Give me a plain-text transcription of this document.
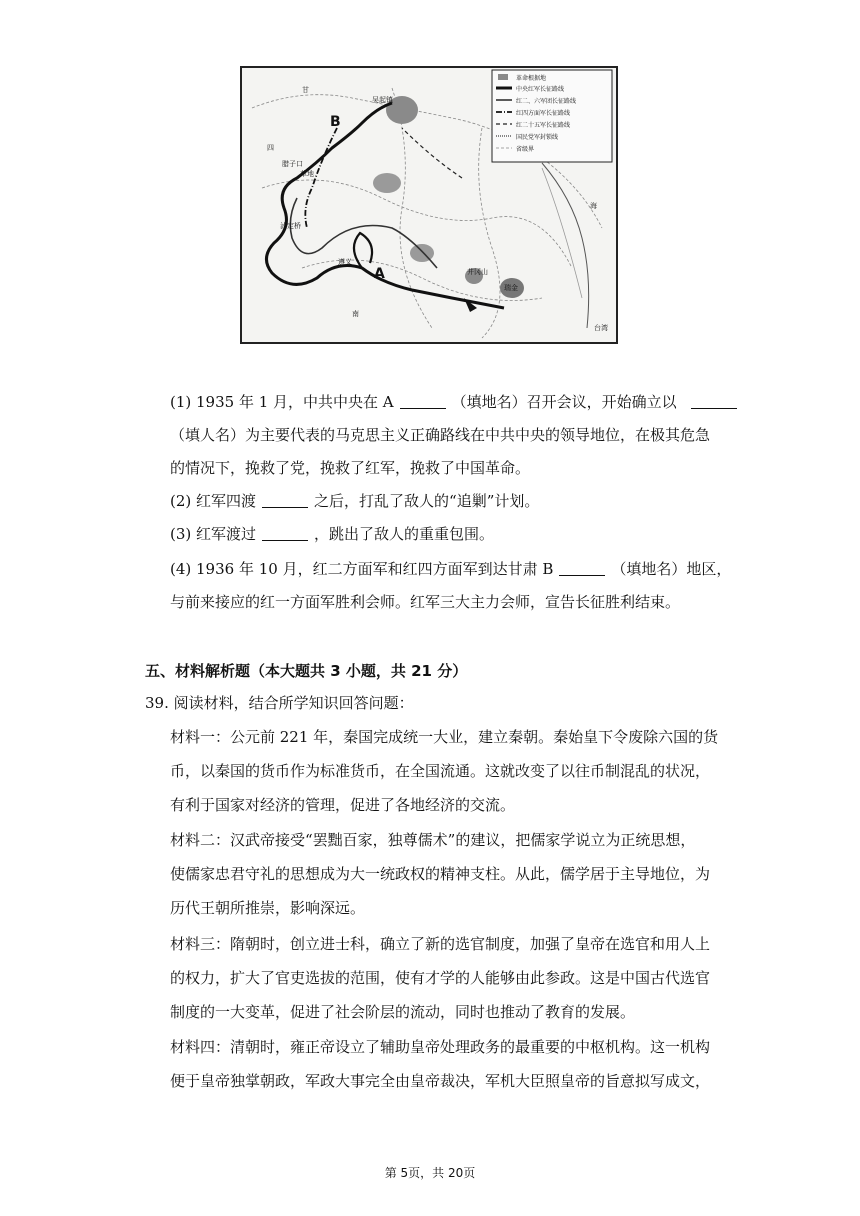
革命根据地
中央红军长征路线
红二、六军团长征路线
红四方面军长征路线
红二十五军长征路线
国民党军封锁线
省级界
吴起镇
腊子口
草地
泸定桥
遵义
井冈山
瑞金
甘
四
南
海
台湾
B
A
(1) 1935 年 1 月，中共中央在 A	（填地名）召开会议，开始确立以
（填人名）为主要代表的马克思主义正确路线在中共中央的领导地位，在极其危急
的情况下，挽救了党，挽救了红军，挽救了中国革命。
(2) 红军四渡	之后，打乱了敌人的“追剿”计划。
(3) 红军渡过	，跳出了敌人的重重包围。
(4) 1936 年 10 月，红二方面军和红四方面军到达甘肃 B	（填地名）地区，
与前来接应的红一方面军胜利会师。红军三大主力会师，宣告长征胜利结束。
五、材料解析题（本大题共 3 小题，共 21 分）
39. 阅读材料，结合所学知识回答问题：
材料一：公元前 221 年，秦国完成统一大业，建立秦朝。秦始皇下令废除六国的货
币，以秦国的货币作为标准货币，在全国流通。这就改变了以往币制混乱的状况，
有利于国家对经济的管理，促进了各地经济的交流。
材料二：汉武帝接受“罢黜百家，独尊儒术”的建议，把儒家学说立为正统思想，
使儒家忠君守礼的思想成为大一统政权的精神支柱。从此，儒学居于主导地位，为
历代王朝所推崇，影响深远。
材料三：隋朝时，创立进士科，确立了新的选官制度，加强了皇帝在选官和用人上
的权力，扩大了官吏选拔的范围，使有才学的人能够由此参政。这是中国古代选官
制度的一大变革，促进了社会阶层的流动，同时也推动了教育的发展。
材料四：清朝时，雍正帝设立了辅助皇帝处理政务的最重要的中枢机构。这一机构
便于皇帝独掌朝政，军政大事完全由皇帝裁决，军机大臣照皇帝的旨意拟写成文，
第 5页，共 20页
